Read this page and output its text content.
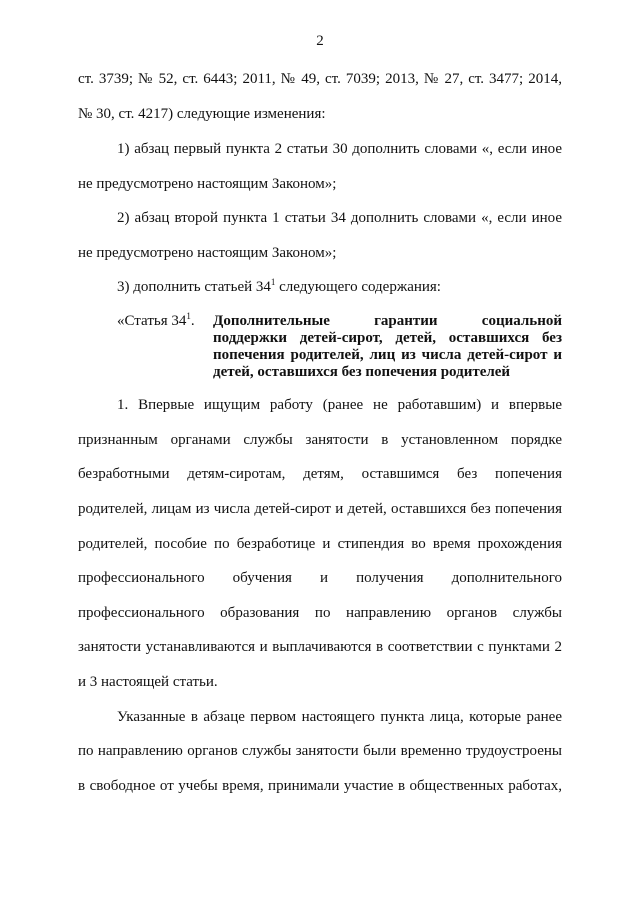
2
ст. 3739; № 52, ст. 6443; 2011, № 49, ст. 7039; 2013, № 27, ст. 3477; 2014,
№ 30, ст. 4217) следующие изменения:
1) абзац первый пункта 2 статьи 30 дополнить словами «, если иное
не предусмотрено настоящим Законом»;
2) абзац второй пункта 1 статьи 34 дополнить словами «, если иное
не предусмотрено настоящим Законом»;
3) дополнить статьей $34^1$ следующего содержания:
«Статья $34^1$. Дополнительные гарантии социальной
поддержки детей-сирот, детей, оставшихся без
попечения родителей, лиц из числа детей-сирот и
детей, оставшихся без попечения родителей
1. Впервые ищущим работу (ранее не работавшим) и впервые
признанным органами службы занятости в установленном порядке
безработными детям-сиротам, детям, оставшимся без попечения
родителей, лицам из числа детей-сирот и детей, оставшихся без попечения
родителей, пособие по безработице и стипендия во время прохождения
профессионального обучения и получения дополнительного
профессионального образования по направлению органов службы
занятости устанавливаются и выплачиваются в соответствии с пунктами 2
и 3 настоящей статьи.
Указанные в абзаце первом настоящего пункта лица, которые ранее
по направлению органов службы занятости были временно трудоустроены
в свободное от учебы время, принимали участие в общественных работах,
